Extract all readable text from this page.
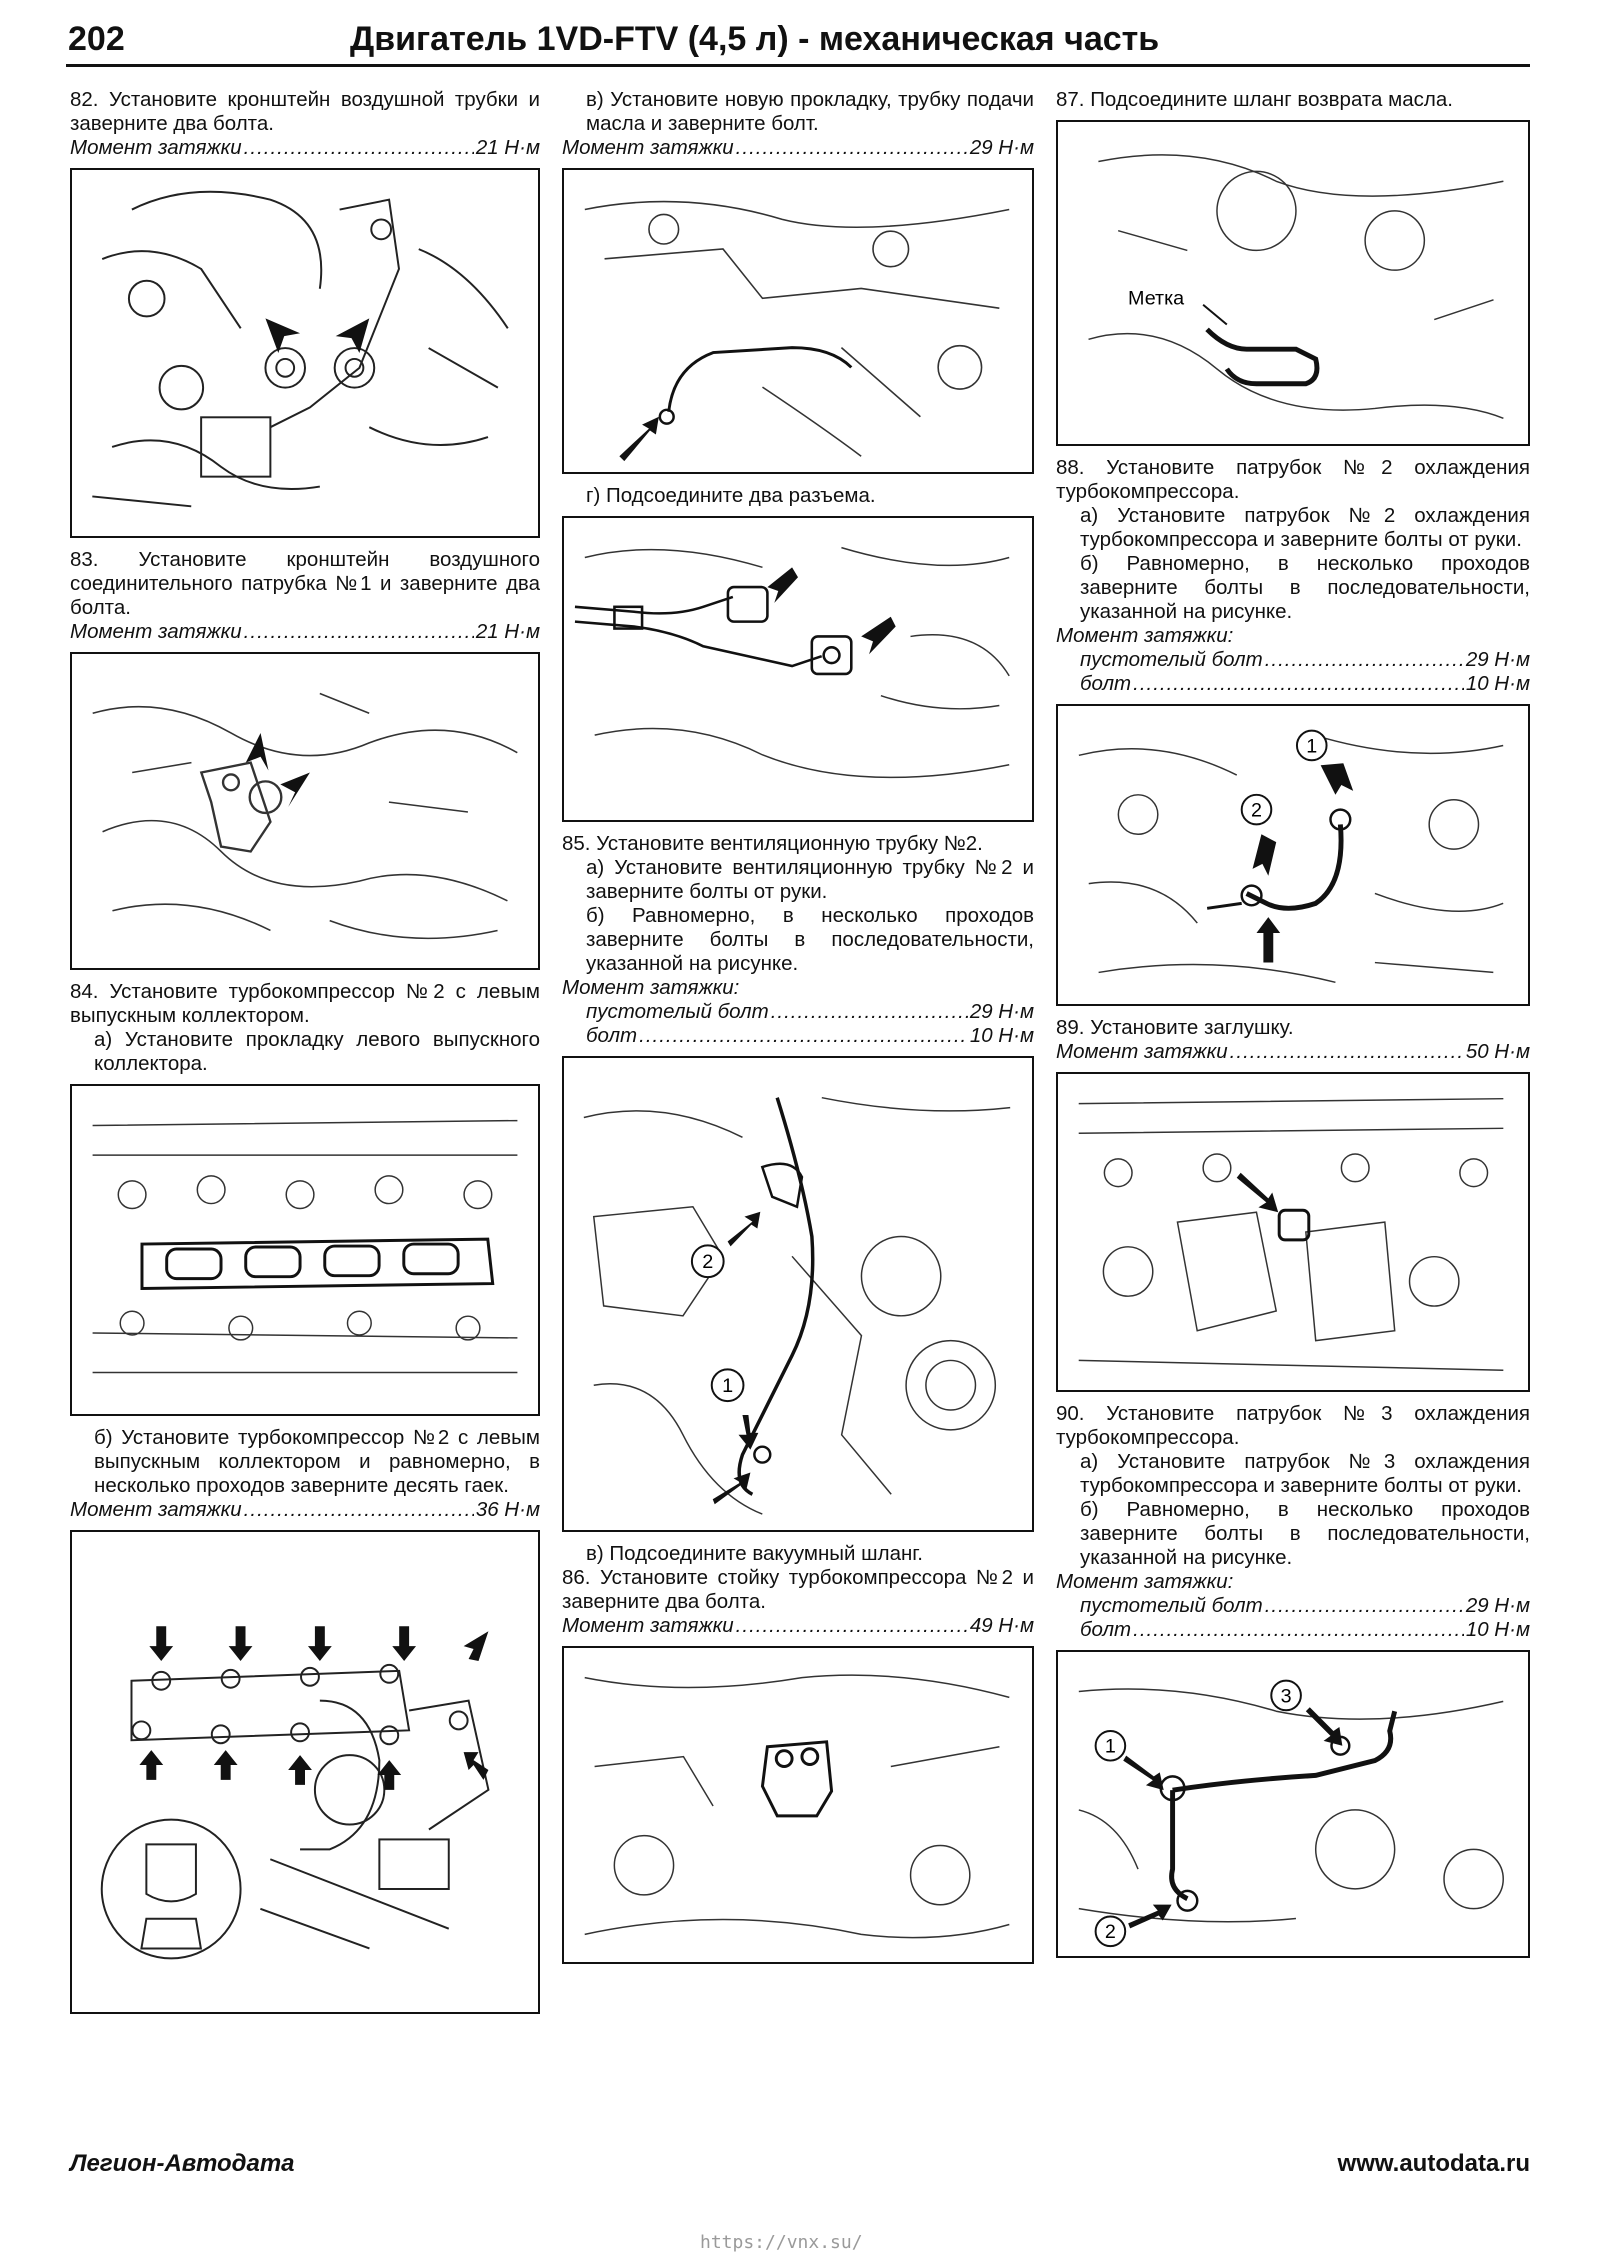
202	Двигатель 1VD-FTV (4,5 л) - механическая часть

82. Установите кронштейн воздушной трубки и заверните два болта.

Момент затяжки .....	21 Н·м

83. Установите кронштейн воздушного соединительного патрубка №1 и заверните два болта.

Момент затяжки .....	21 Н·м

84. Установите турбокомпрессор №2 с левым выпускным коллектором.

а) Установите прокладку левого выпускного коллектора.

б) Установите турбокомпрессор №2 с левым выпускным коллектором и равномерно, в несколько проходов заверните десять гаек.

Момент затяжки .....	36 Н·м

в) Установите новую прокладку, трубку подачи масла и заверните болт.

Момент затяжки .....	29 Н·м

г) Подсоедините два разъема.

85. Установите вентиляционную трубку №2.

а) Установите вентиляционную трубку №2 и заверните болты от руки.

б) Равномерно, в несколько проходов заверните болты в последовательности, указанной на рисунке.

Момент затяжки:
пустотелый болт .....	29 Н·м
болт .....	10 Н·м
2
1

в) Подсоедините вакуумный шланг.

86. Установите стойку турбокомпрессора №2 и заверните два болта.

Момент затяжки .....	49 Н·м

87. Подсоедините шланг возврата масла.

Метка

88. Установите патрубок №2 охлаждения турбокомпрессора.

а) Установите патрубок №2 охлаждения турбокомпрессора и заверните болты от руки.

б) Равномерно, в несколько проходов заверните болты в последовательности, указанной на рисунке.

Момент затяжки:
пустотелый болт .....	29 Н·м
болт .....	10 Н·м
1
2

89. Установите заглушку.

Момент затяжки .....	50 Н·м

90. Установите патрубок №3 охлаждения турбокомпрессора.

а) Установите патрубок №3 охлаждения турбокомпрессора и заверните болты от руки.

б) Равномерно, в несколько проходов заверните болты в последовательности, указанной на рисунке.

Момент затяжки:
пустотелый болт .....	29 Н·м
болт .....	10 Н·м
1
3
2
Легион-Автодата	www.autodata.ru
https://vnx.su/
